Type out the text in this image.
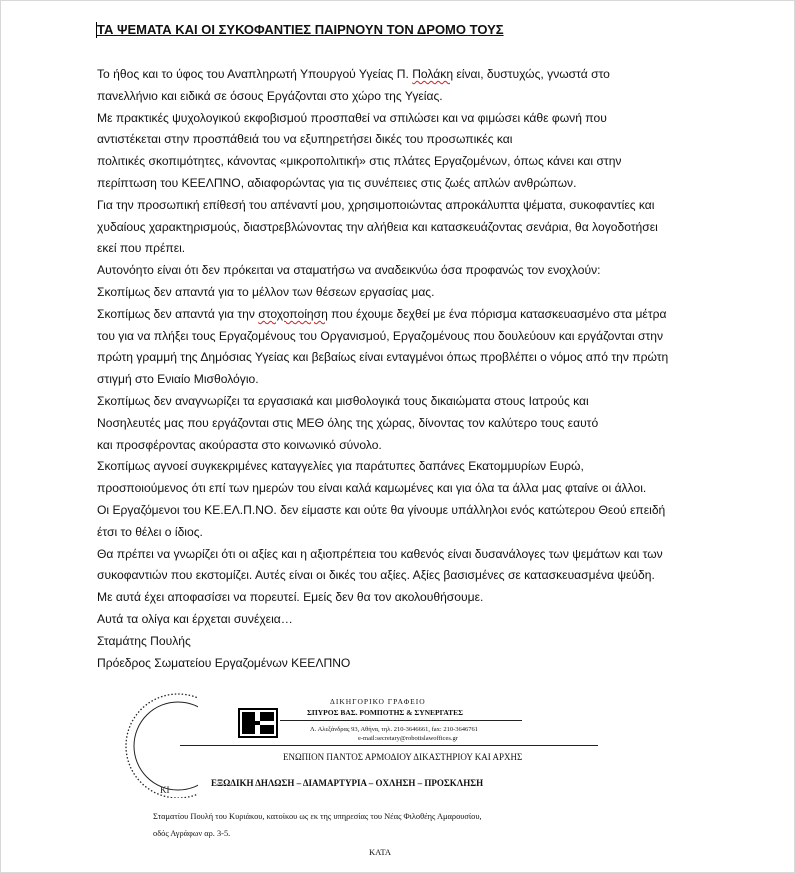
ΤΑ ΨΕΜΑΤΑ ΚΑΙ ΟΙ ΣΥΚΟΦΑΝΤΙΕΣ ΠΑΙΡΝΟΥΝ ΤΟΝ ΔΡΟΜΟ ΤΟΥΣ
Το ήθος και το ύφος του Αναπληρωτή Υπουργού Υγείας Π. Πολάκη είναι, δυστυχώς, γνωστά στο
πανελλήνιο και ειδικά σε όσους Εργάζονται στο χώρο της Υγείας.
Με πρακτικές ψυχολογικού εκφοβισμού προσπαθεί να σπιλώσει και να φιμώσει κάθε φωνή που
αντιστέκεται στην προσπάθειά του να εξυπηρετήσει δικές του προσωπικές και
πολιτικές σκοπιμότητες, κάνοντας «μικροπολιτική» στις πλάτες Εργαζομένων, όπως κάνει και στην
περίπτωση του ΚΕΕΛΠΝΟ, αδιαφορώντας για τις συνέπειες στις ζωές απλών ανθρώπων.
Για την προσωπική επίθεσή του απέναντί μου, χρησιμοποιώντας απροκάλυπτα ψέματα, συκοφαντίες και
χυδαίους χαρακτηρισμούς, διαστρεβλώνοντας την αλήθεια και κατασκευάζοντας σενάρια, θα λογοδοτήσει
εκεί που πρέπει.
Αυτονόητο είναι ότι δεν πρόκειται να σταματήσω να αναδεικνύω όσα προφανώς τον ενοχλούν:
Σκοπίμως δεν απαντά για το μέλλον των θέσεων εργασίας μας.
Σκοπίμως δεν απαντά για την στοχοποίηση που έχουμε δεχθεί με ένα πόρισμα κατασκευασμένο στα μέτρα
του για να πλήξει τους Εργαζομένους του Οργανισμού, Εργαζομένους που δουλεύουν και εργάζονται στην
πρώτη γραμμή της Δημόσιας Υγείας και βεβαίως είναι ενταγμένοι όπως προβλέπει ο νόμος από την πρώτη
στιγμή στο Ενιαίο Μισθολόγιο.
Σκοπίμως δεν αναγνωρίζει τα εργασιακά και μισθολογικά τους δικαιώματα στους Ιατρούς και
Νοσηλευτές μας που εργάζονται στις ΜΕΘ όλης της χώρας, δίνοντας τον καλύτερο τους εαυτό
και προσφέροντας ακούραστα στο κοινωνικό σύνολο.
Σκοπίμως αγνοεί συγκεκριμένες καταγγελίες για παράτυπες δαπάνες Εκατομμυρίων Ευρώ,
προσποιούμενος ότι επί των ημερών του είναι καλά καμωμένες και για όλα τα άλλα μας φταίνε οι άλλοι.
Οι Εργαζόμενοι του ΚΕ.ΕΛ.Π.ΝΟ. δεν είμαστε και ούτε θα γίνουμε υπάλληλοι ενός κατώτερου Θεού επειδή
έτσι το θέλει ο ίδιος.
Θα πρέπει να γνωρίζει ότι οι αξίες και η αξιοπρέπεια του καθενός είναι δυσανάλογες των ψεμάτων και των
συκοφαντιών που εκστομίζει. Αυτές είναι οι δικές του αξίες. Αξίες βασισμένες σε κατασκευασμένα ψεύδη.
Με αυτά έχει αποφασίσει να πορευτεί. Εμείς δεν θα τον ακολουθήσουμε.
Αυτά τα ολίγα και έρχεται συνέχεια…
Σταμάτης Πουλής
Πρόεδρος Σωματείου Εργαζομένων ΚΕΕΛΠΝΟ
ΚΙ
ΔΙΚΗΓΟΡΙΚΟ ΓΡΑΦΕΙΟ
ΣΠΥΡΟΣ ΒΑΣ. ΡΟΜΠΟΤΗΣ & ΣΥΝΕΡΓΑΤΕΣ
Λ. Αλεξάνδρας 93, Αθήνα, τηλ. 210-3646661, fax: 210-3646761
e-mail:secretary@robotislawoffices.gr
ΕΝΩΠΙΟΝ ΠΑΝΤΟΣ ΑΡΜΟΔΙΟΥ ΔΙΚΑΣΤΗΡΙΟΥ ΚΑΙ ΑΡΧΗΣ
ΕΞΩΔΙΚΗ ΔΗΛΩΣΗ – ΔΙΑΜΑΡΤΥΡΙΑ – ΟΧΛΗΣΗ – ΠΡΟΣΚΛΗΣΗ
Σταματίου Πουλή του Κυριάκου, κατοίκου ως εκ της υπηρεσίας του Νέας Φιλοθέης Αμαρουσίου,
οδός Αγράφων αρ. 3-5.
ΚΑΤΑ
